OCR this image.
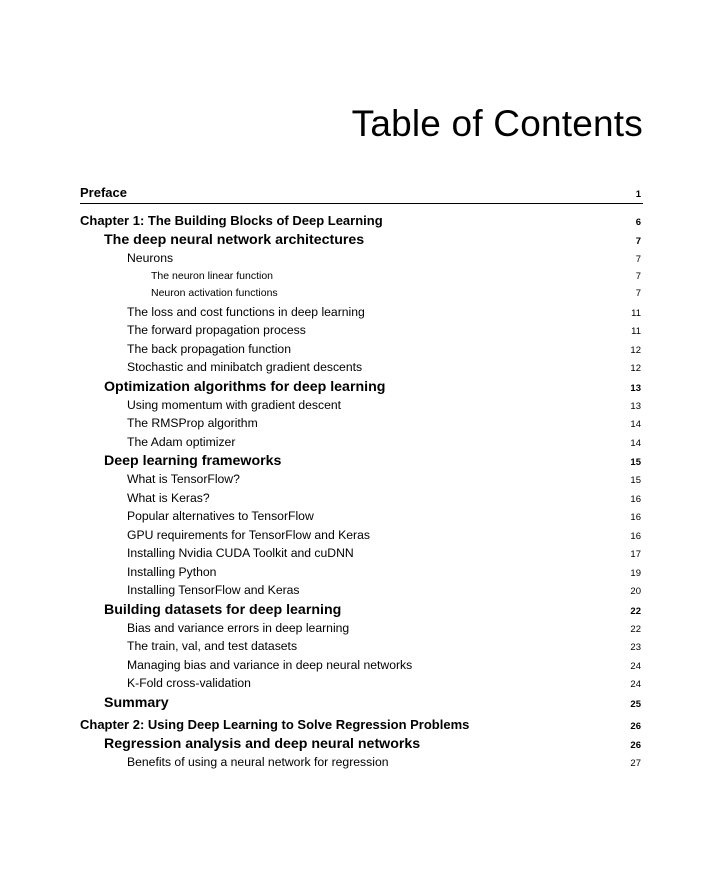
Table of Contents
Preface	1
Chapter 1: The Building Blocks of Deep Learning	6
The deep neural network architectures	7
Neurons	7
The neuron linear function	7
Neuron activation functions	7
The loss and cost functions in deep learning	11
The forward propagation process	11
The back propagation function	12
Stochastic and minibatch gradient descents	12
Optimization algorithms for deep learning	13
Using momentum with gradient descent	13
The RMSProp algorithm	14
The Adam optimizer	14
Deep learning frameworks	15
What is TensorFlow?	15
What is Keras?	16
Popular alternatives to TensorFlow	16
GPU requirements for TensorFlow and Keras	16
Installing Nvidia CUDA Toolkit and cuDNN	17
Installing Python	19
Installing TensorFlow and Keras	20
Building datasets for deep learning	22
Bias and variance errors in deep learning	22
The train, val, and test datasets	23
Managing bias and variance in deep neural networks	24
K-Fold cross-validation	24
Summary	25
Chapter 2: Using Deep Learning to Solve Regression Problems	26
Regression analysis and deep neural networks	26
Benefits of using a neural network for regression	27
